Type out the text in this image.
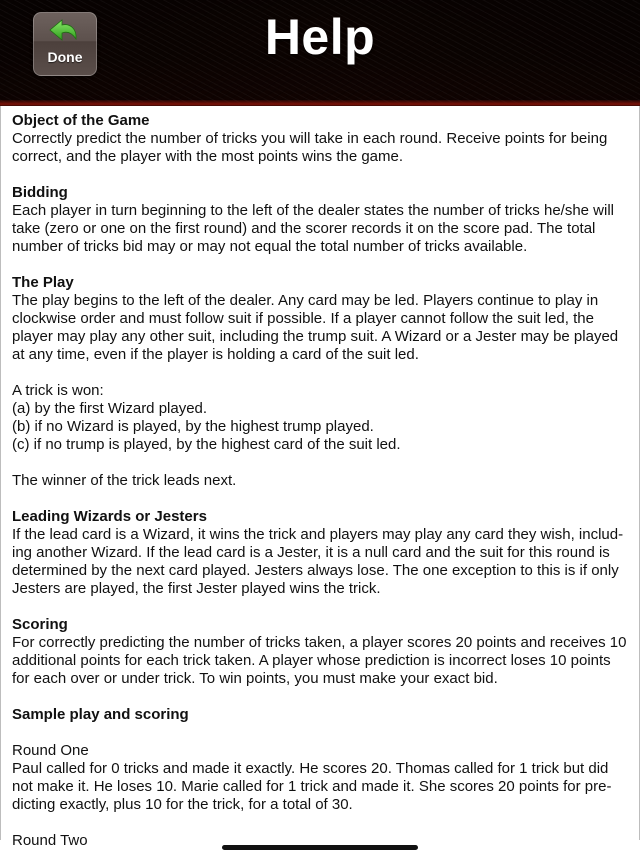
Done	Help
Object of the Game
Correctly predict the number of tricks you will take in each round. Receive points for being correct, and the player with the most points wins the game.
Bidding
Each player in turn beginning to the left of the dealer states the number of tricks he/she will take (zero or one on the first round) and the scorer records it on the score pad. The total number of tricks bid may or may not equal the total number of tricks available.
The Play
The play begins to the left of the dealer. Any card may be led. Players continue to play in clockwise order and must follow suit if possible. If a player cannot follow the suit led, the player may play any other suit, including the trump suit. A Wizard or a Jester may be played at any time, even if the player is holding a card of the suit led.
A trick is won:
(a) by the first Wizard played.
(b) if no Wizard is played, by the highest trump played.
(c) if no trump is played, by the highest card of the suit led.
The winner of the trick leads next.
Leading Wizards or Jesters
If the lead card is a Wizard, it wins the trick and players may play any card they wish, includ-ing another Wizard. If the lead card is a Jester, it is a null card and the suit for this round is determined by the next card played. Jesters always lose. The one exception to this is if only Jesters are played, the first Jester played wins the trick.
Scoring
For correctly predicting the number of tricks taken, a player scores 20 points and receives 10 additional points for each trick taken. A player whose prediction is incorrect loses 10 points for each over or under trick. To win points, you must make your exact bid.
Sample play and scoring
Round One
Paul called for 0 tricks and made it exactly. He scores 20. Thomas called for 1 trick but did not make it. He loses 10. Marie called for 1 trick and made it. She scores 20 points for pre-dicting exactly, plus 10 for the trick, for a total of 30.
Round Two
